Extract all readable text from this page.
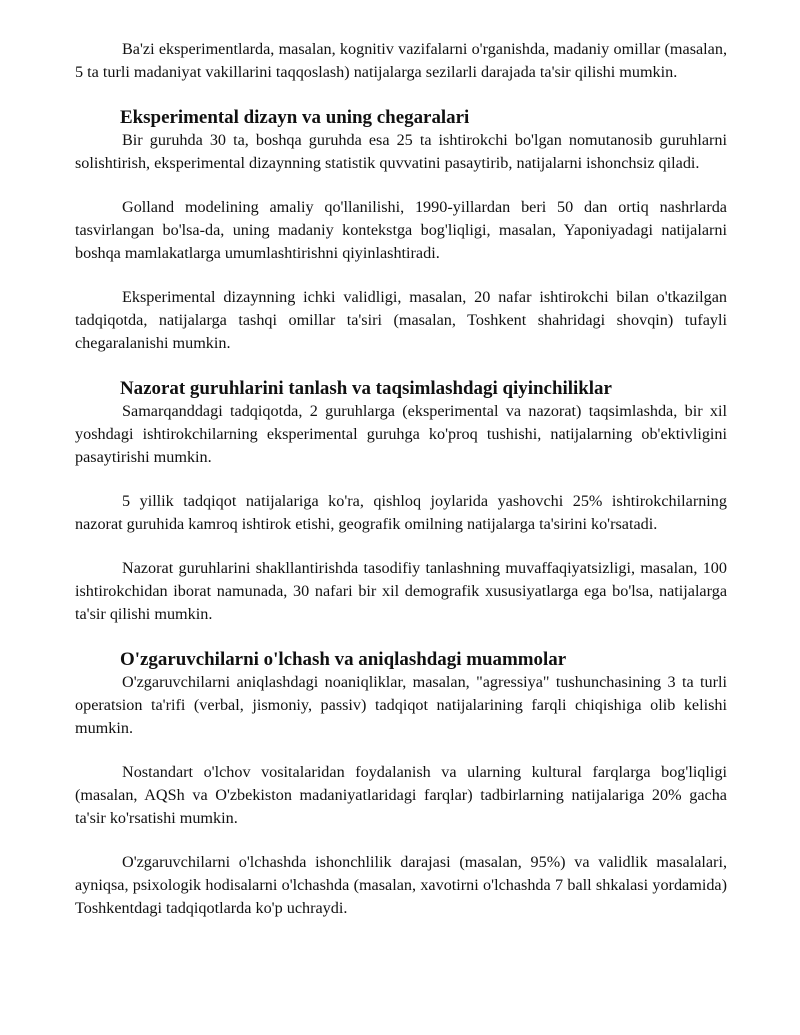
Ba'zi eksperimentlarda, masalan, kognitiv vazifalarni o'rganishda, madaniy omillar (masalan, 5 ta turli madaniyat vakillarini taqqoslash) natijalarga sezilarli darajada ta'sir qilishi mumkin.

Eksperimental dizayn va uning chegaralari

Bir guruhda 30 ta, boshqa guruhda esa 25 ta ishtirokchi bo'lgan nomutanosib guruhlarni solishtirish, eksperimental dizaynning statistik quvvatini pasaytirib, natijalarni ishonchsiz qiladi.

Golland modelining amaliy qo'llanilishi, 1990-yillardan beri 50 dan ortiq nashrlarda tasvirlangan bo'lsa-da, uning madaniy kontekstga bog'liqligi, masalan, Yaponiyadagi natijalarni boshqa mamlakatlarga umumlashtirishni qiyinlashtiradi.

Eksperimental dizaynning ichki validligi, masalan, 20 nafar ishtirokchi bilan o'tkazilgan tadqiqotda, natijalarga tashqi omillar ta'siri (masalan, Toshkent shahridagi shovqin) tufayli chegaralanishi mumkin.

Nazorat guruhlarini tanlash va taqsimlashdagi qiyinchiliklar

Samarqanddagi tadqiqotda, 2 guruhlarga (eksperimental va nazorat) taqsimlashda, bir xil yoshdagi ishtirokchilarning eksperimental guruhga ko'proq tushishi, natijalarning ob'ektivligini pasaytirishi mumkin.

5 yillik tadqiqot natijalariga ko'ra, qishloq joylarida yashovchi 25% ishtirokchilarning nazorat guruhida kamroq ishtirok etishi, geografik omilning natijalarga ta'sirini ko'rsatadi.

Nazorat guruhlarini shakllantirishda tasodifiy tanlashning muvaffaqiyatsizligi, masalan, 100 ishtirokchidan iborat namunada, 30 nafari bir xil demografik xususiyatlarga ega bo'lsa, natijalarga ta'sir qilishi mumkin.

O'zgaruvchilarni o'lchash va aniqlashdagi muammolar

O'zgaruvchilarni aniqlashdagi noaniqliklar, masalan, "agressiya" tushunchasining 3 ta turli operatsion ta'rifi (verbal, jismoniy, passiv) tadqiqot natijalarining farqli chiqishiga olib kelishi mumkin.

Nostandart o'lchov vositalaridan foydalanish va ularning kultural farqlarga bog'liqligi (masalan, AQSh va O'zbekiston madaniyatlaridagi farqlar) tadbirlarning natijalariga 20% gacha ta'sir ko'rsatishi mumkin.

O'zgaruvchilarni o'lchashda ishonchlilik darajasi (masalan, 95%) va validlik masalalari, ayniqsa, psixologik hodisalarni o'lchashda (masalan, xavotirni o'lchashda 7 ball shkalasi yordamida) Toshkentdagi tadqiqotlarda ko'p uchraydi.
